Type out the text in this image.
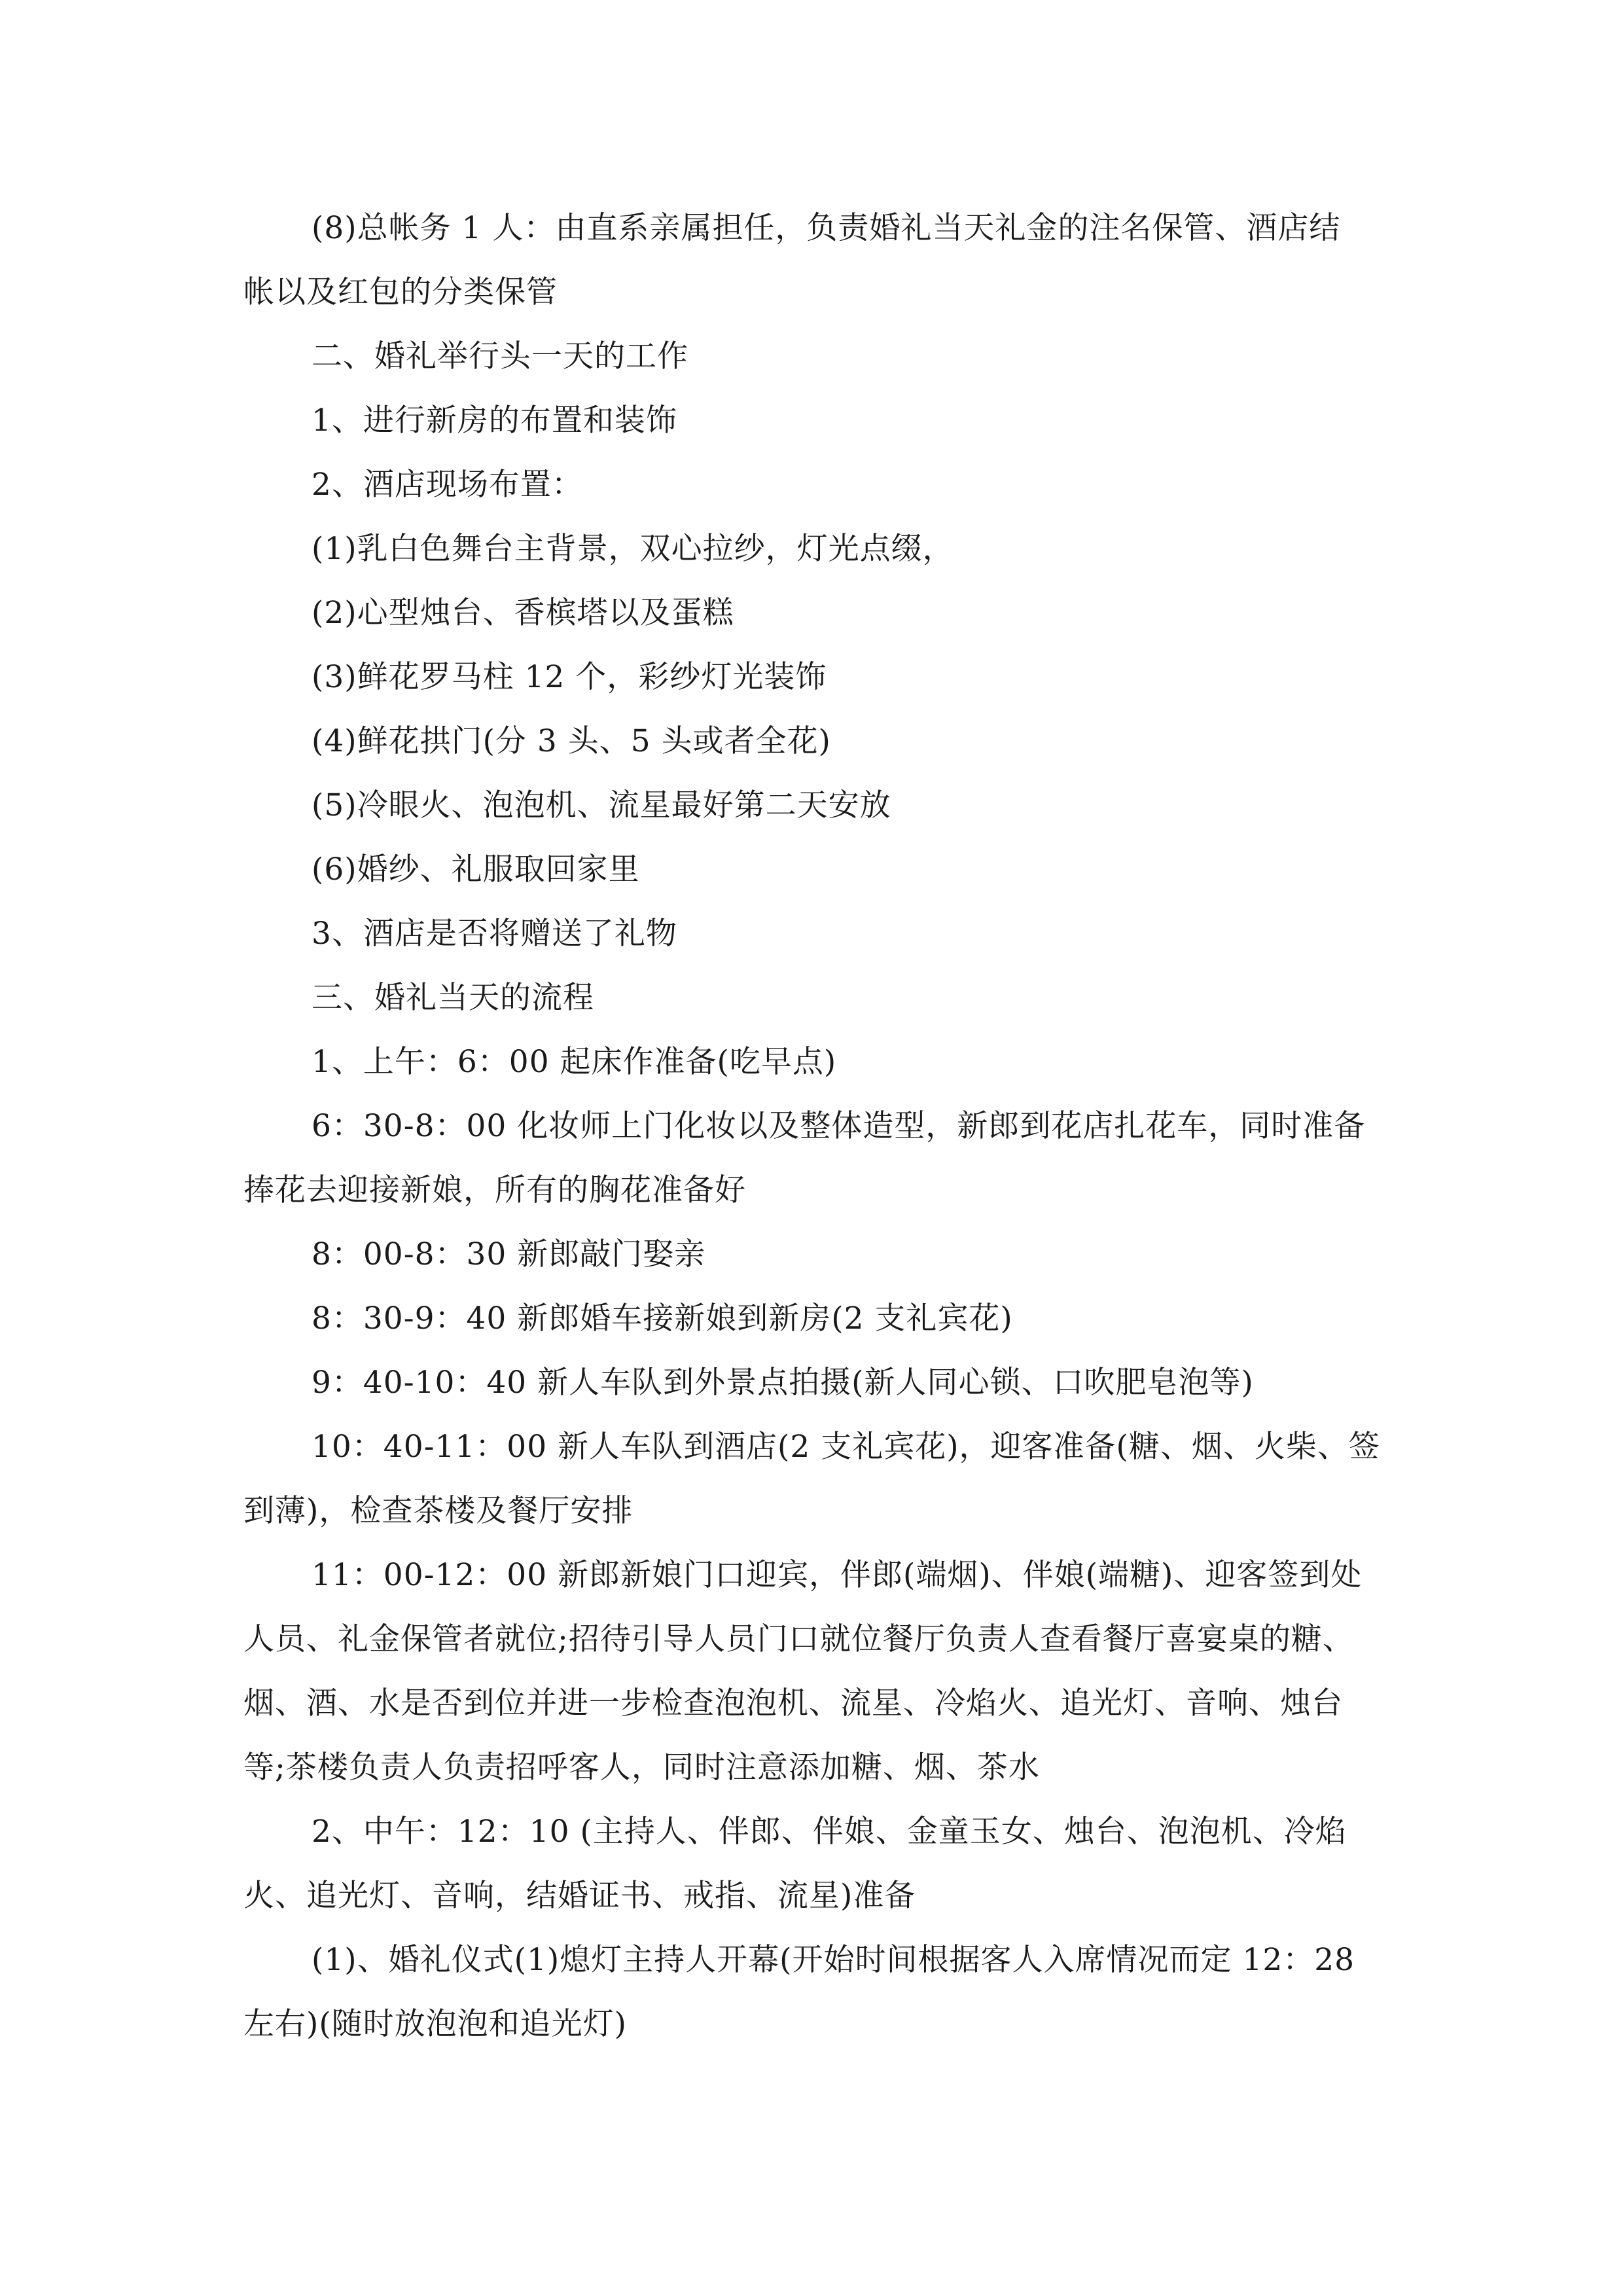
(8)总帐务 1 人：由直系亲属担任，负责婚礼当天礼金的注名保管、酒店结
帐以及红包的分类保管
二、婚礼举行头一天的工作
1、进行新房的布置和装饰
2、酒店现场布置：
(1)乳白色舞台主背景，双心拉纱，灯光点缀，
(2)心型烛台、香槟塔以及蛋糕
(3)鲜花罗马柱 12 个，彩纱灯光装饰
(4)鲜花拱门(分 3 头、5 头或者全花)
(5)冷眼火、泡泡机、流星最好第二天安放
(6)婚纱、礼服取回家里
3、酒店是否将赠送了礼物
三、婚礼当天的流程
1、上午：6：00 起床作准备(吃早点)
6：30-8：00 化妆师上门化妆以及整体造型，新郎到花店扎花车，同时准备
捧花去迎接新娘，所有的胸花准备好
8：00-8：30 新郎敲门娶亲
8：30-9：40 新郎婚车接新娘到新房(2 支礼宾花)
9：40-10：40 新人车队到外景点拍摄(新人同心锁、口吹肥皂泡等)
10：40-11：00 新人车队到酒店(2 支礼宾花)，迎客准备(糖、烟、火柴、签
到薄)，检查茶楼及餐厅安排
11：00-12：00 新郎新娘门口迎宾，伴郎(端烟)、伴娘(端糖)、迎客签到处
人员、礼金保管者就位;招待引导人员门口就位餐厅负责人查看餐厅喜宴桌的糖、
烟、酒、水是否到位并进一步检查泡泡机、流星、冷焰火、追光灯、音响、烛台
等;茶楼负责人负责招呼客人，同时注意添加糖、烟、茶水
2、中午：12：10 (主持人、伴郎、伴娘、金童玉女、烛台、泡泡机、冷焰
火、追光灯、音响，结婚证书、戒指、流星)准备
(1)、婚礼仪式(1)熄灯主持人开幕(开始时间根据客人入席情况而定 12：28
左右)(随时放泡泡和追光灯)
